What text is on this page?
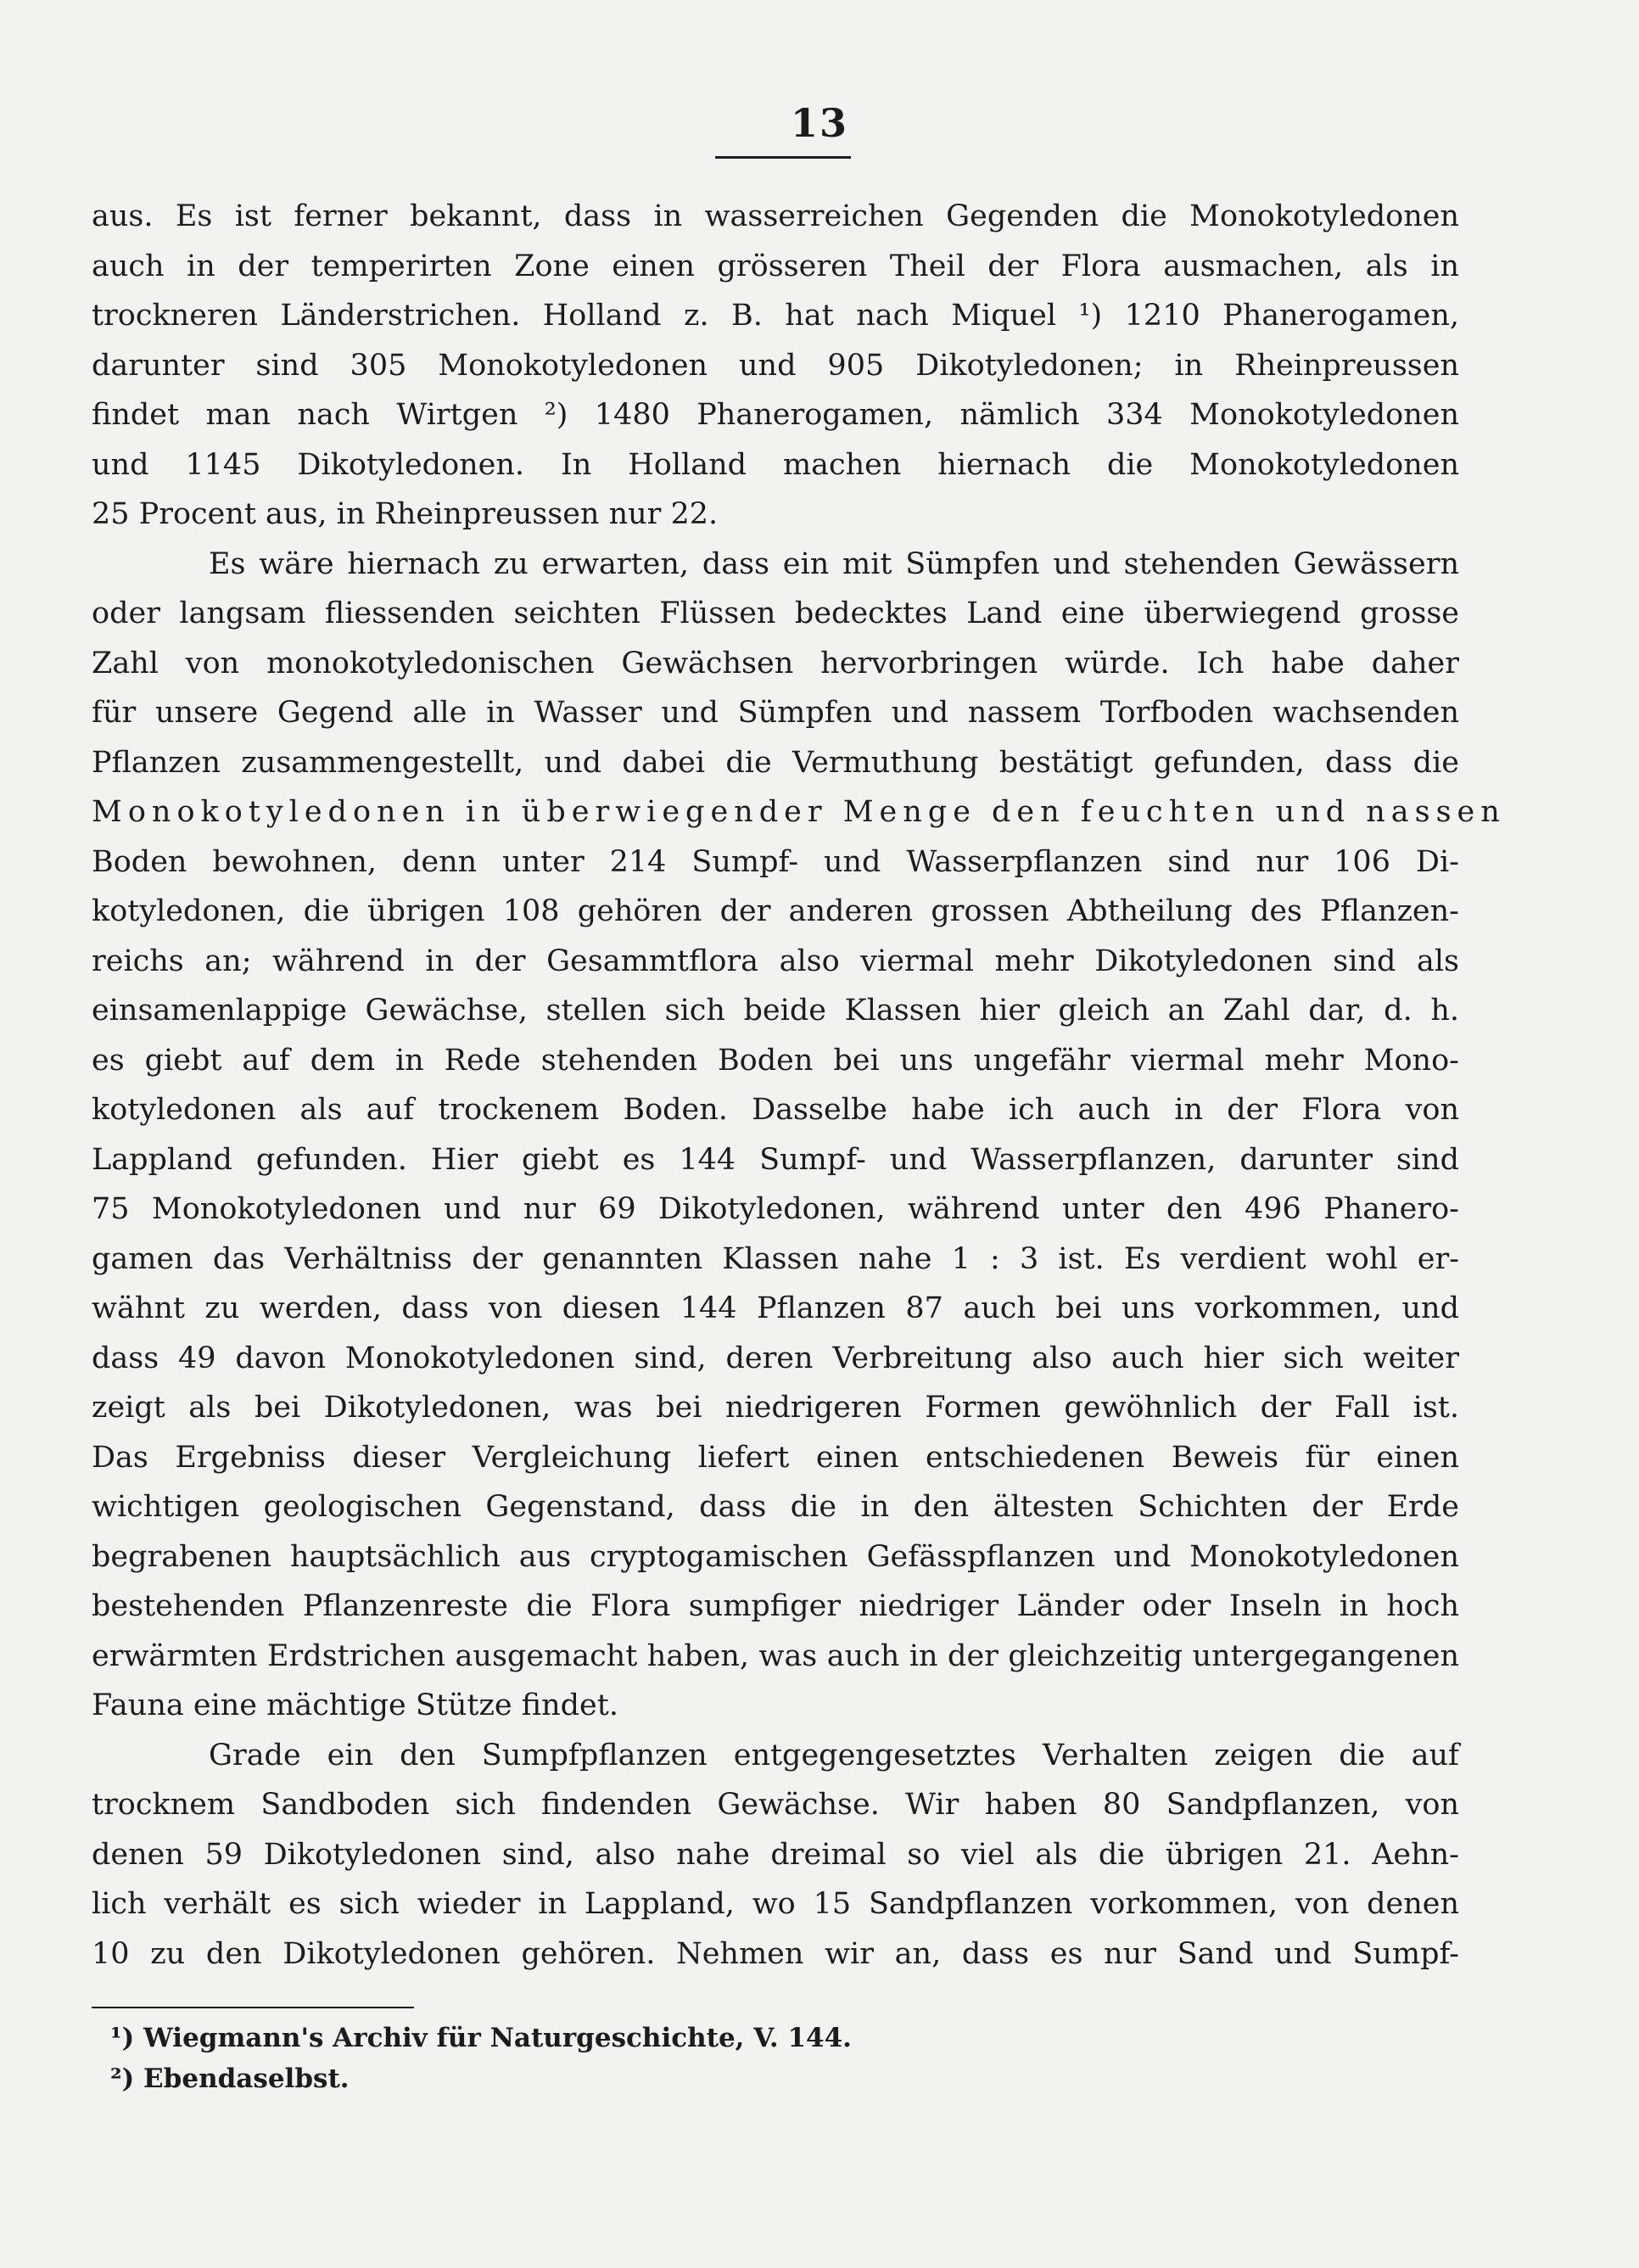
13
aus. Es ist ferner bekannt, dass in wasserreichen Gegenden die Monokotyledonen
auch in der temperirten Zone einen grösseren Theil der Flora ausmachen, als in
trockneren Länderstrichen. Holland z. B. hat nach Miquel ¹) 1210 Phanerogamen,
darunter sind 305 Monokotyledonen und 905 Dikotyledonen; in Rheinpreussen
findet man nach Wirtgen ²) 1480 Phanerogamen, nämlich 334 Monokotyledonen
und 1145 Dikotyledonen. In Holland machen hiernach die Monokotyledonen
25 Procent aus, in Rheinpreussen nur 22.
Es wäre hiernach zu erwarten, dass ein mit Sümpfen und stehenden Gewässern
oder langsam fliessenden seichten Flüssen bedecktes Land eine überwiegend grosse
Zahl von monokotyledonischen Gewächsen hervorbringen würde. Ich habe daher
für unsere Gegend alle in Wasser und Sümpfen und nassem Torfboden wachsenden
Pflanzen zusammengestellt, und dabei die Vermuthung bestätigt gefunden, dass die
Monokotyledonen in überwiegender Menge den feuchten und nassen
Boden bewohnen, denn unter 214 Sumpf- und Wasserpflanzen sind nur 106 Di-
kotyledonen, die übrigen 108 gehören der anderen grossen Abtheilung des Pflanzen-
reichs an; während in der Gesammtflora also viermal mehr Dikotyledonen sind als
einsamenlappige Gewächse, stellen sich beide Klassen hier gleich an Zahl dar, d. h.
es giebt auf dem in Rede stehenden Boden bei uns ungefähr viermal mehr Mono-
kotyledonen als auf trockenem Boden. Dasselbe habe ich auch in der Flora von
Lappland gefunden. Hier giebt es 144 Sumpf- und Wasserpflanzen, darunter sind
75 Monokotyledonen und nur 69 Dikotyledonen, während unter den 496 Phanero-
gamen das Verhältniss der genannten Klassen nahe 1 : 3 ist. Es verdient wohl er-
wähnt zu werden, dass von diesen 144 Pflanzen 87 auch bei uns vorkommen, und
dass 49 davon Monokotyledonen sind, deren Verbreitung also auch hier sich weiter
zeigt als bei Dikotyledonen, was bei niedrigeren Formen gewöhnlich der Fall ist.
Das Ergebniss dieser Vergleichung liefert einen entschiedenen Beweis für einen
wichtigen geologischen Gegenstand, dass die in den ältesten Schichten der Erde
begrabenen hauptsächlich aus cryptogamischen Gefässpflanzen und Monokotyledonen
bestehenden Pflanzenreste die Flora sumpfiger niedriger Länder oder Inseln in hoch
erwärmten Erdstrichen ausgemacht haben, was auch in der gleichzeitig untergegangenen
Fauna eine mächtige Stütze findet.
Grade ein den Sumpfpflanzen entgegengesetztes Verhalten zeigen die auf
trocknem Sandboden sich findenden Gewächse. Wir haben 80 Sandpflanzen, von
denen 59 Dikotyledonen sind, also nahe dreimal so viel als die übrigen 21. Aehn-
lich verhält es sich wieder in Lappland, wo 15 Sandpflanzen vorkommen, von denen
10 zu den Dikotyledonen gehören. Nehmen wir an, dass es nur Sand und Sumpf-
¹) Wiegmann's Archiv für Naturgeschichte, V. 144.
²) Ebendaselbst.
